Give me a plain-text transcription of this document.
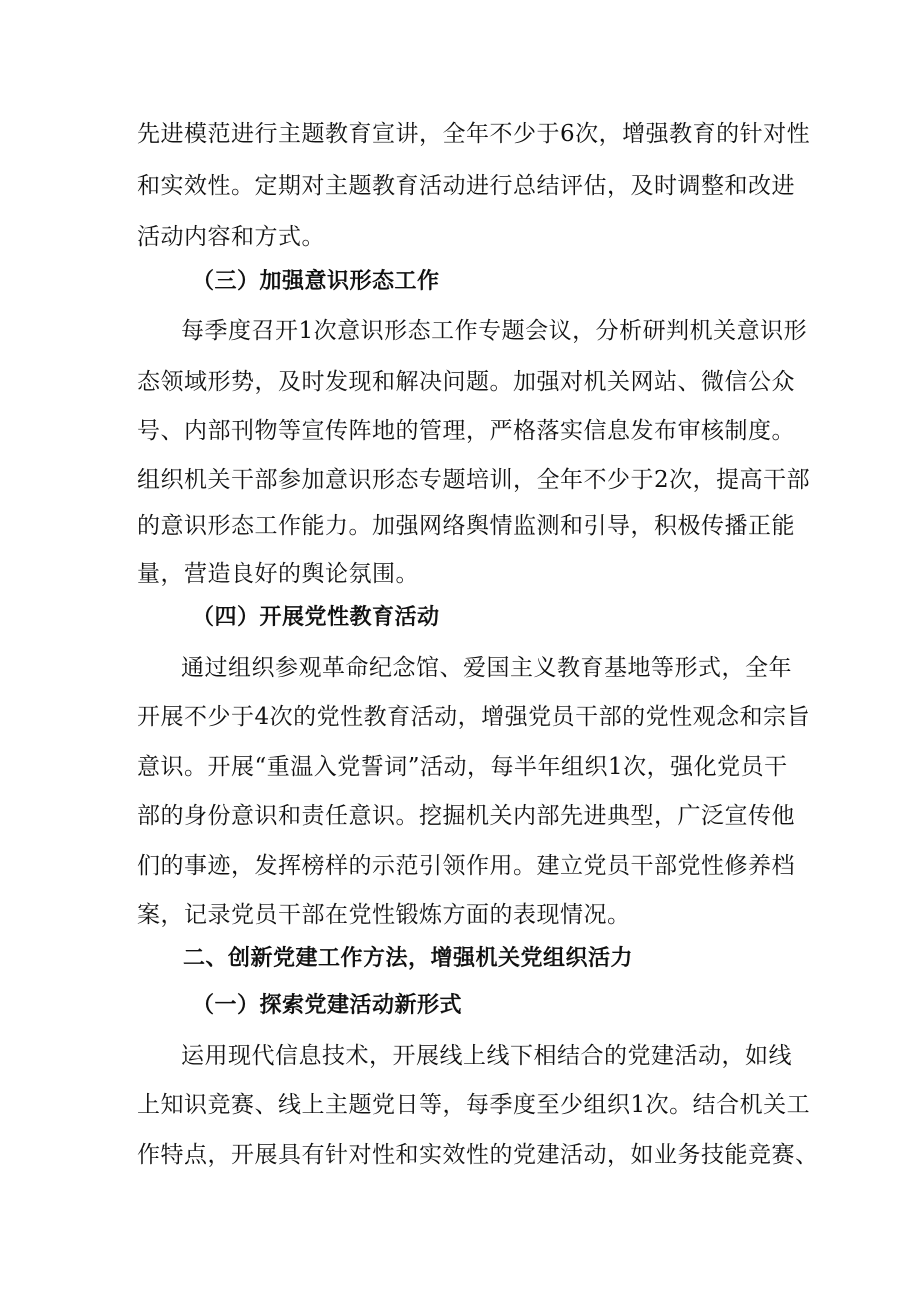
先进模范进行主题教育宣讲，全年不少于6次，增强教育的针对性
和实效性。定期对主题教育活动进行总结评估，及时调整和改进
活动内容和方式。
（三）加强意识形态工作
每季度召开1次意识形态工作专题会议，分析研判机关意识形
态领域形势，及时发现和解决问题。加强对机关网站、微信公众
号、内部刊物等宣传阵地的管理，严格落实信息发布审核制度。
组织机关干部参加意识形态专题培训，全年不少于2次，提高干部
的意识形态工作能力。加强网络舆情监测和引导，积极传播正能
量，营造良好的舆论氛围。
（四）开展党性教育活动
通过组织参观革命纪念馆、爱国主义教育基地等形式，全年
开展不少于4次的党性教育活动，增强党员干部的党性观念和宗旨
意识。开展“重温入党誓词”活动，每半年组织1次，强化党员干
部的身份意识和责任意识。挖掘机关内部先进典型，广泛宣传他
们的事迹，发挥榜样的示范引领作用。建立党员干部党性修养档
案，记录党员干部在党性锻炼方面的表现情况。
二、创新党建工作方法，增强机关党组织活力
（一）探索党建活动新形式
运用现代信息技术，开展线上线下相结合的党建活动，如线
上知识竞赛、线上主题党日等，每季度至少组织1次。结合机关工
作特点，开展具有针对性和实效性的党建活动，如业务技能竞赛、
